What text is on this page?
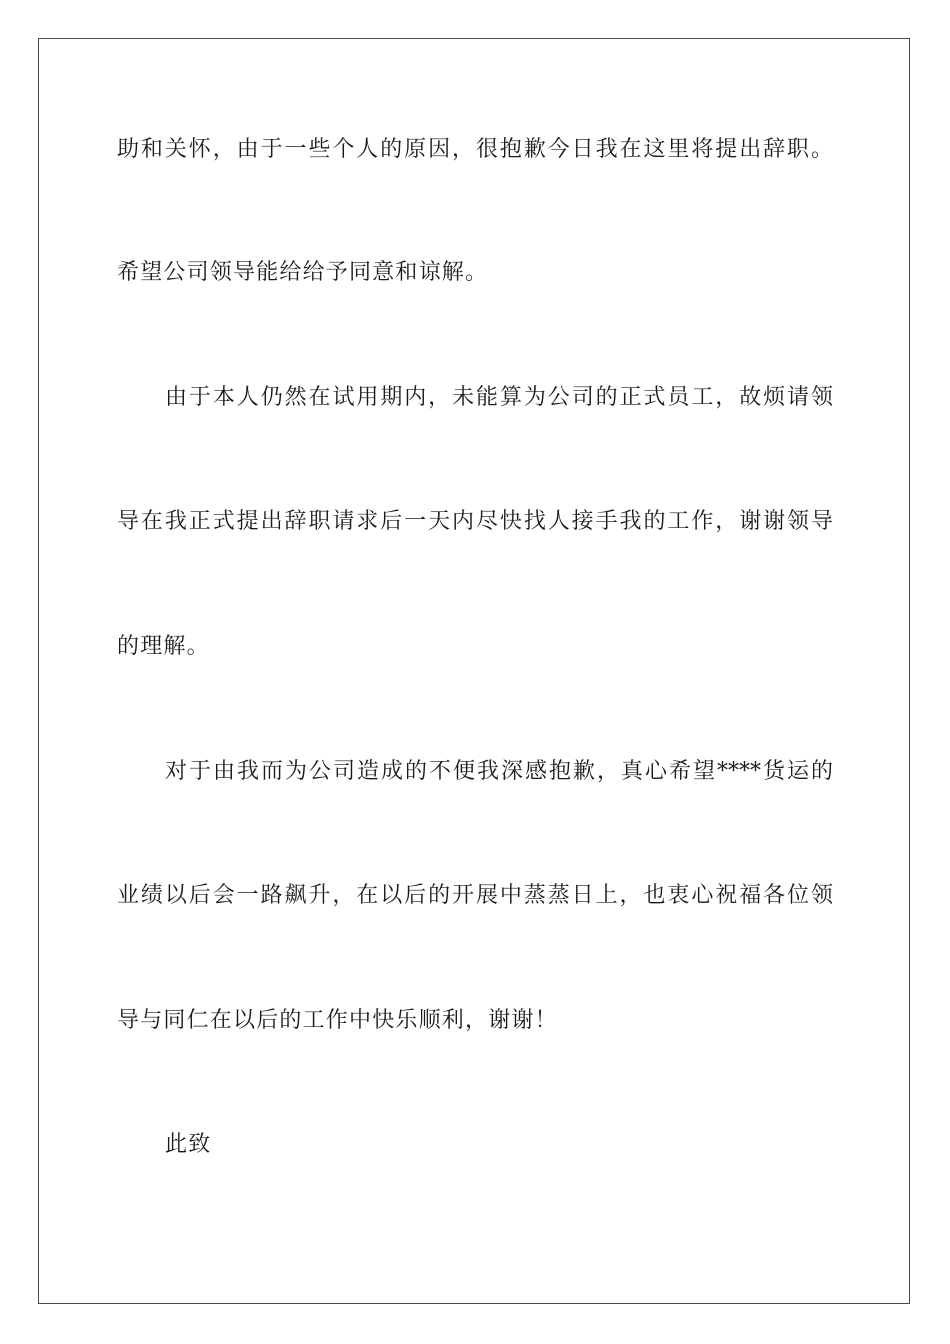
助和关怀，由于一些个人的原因，很抱歉今日我在这里将提出辞职。
希望公司领导能给给予同意和谅解。
由于本人仍然在试用期内，未能算为公司的正式员工，故烦请领
导在我正式提出辞职请求后一天内尽快找人接手我的工作，谢谢领导
的理解。
对于由我而为公司造成的不便我深感抱歉，真心希望****货运的
业绩以后会一路飙升，在以后的开展中蒸蒸日上，也衷心祝福各位领
导与同仁在以后的工作中快乐顺利，谢谢！
此致
